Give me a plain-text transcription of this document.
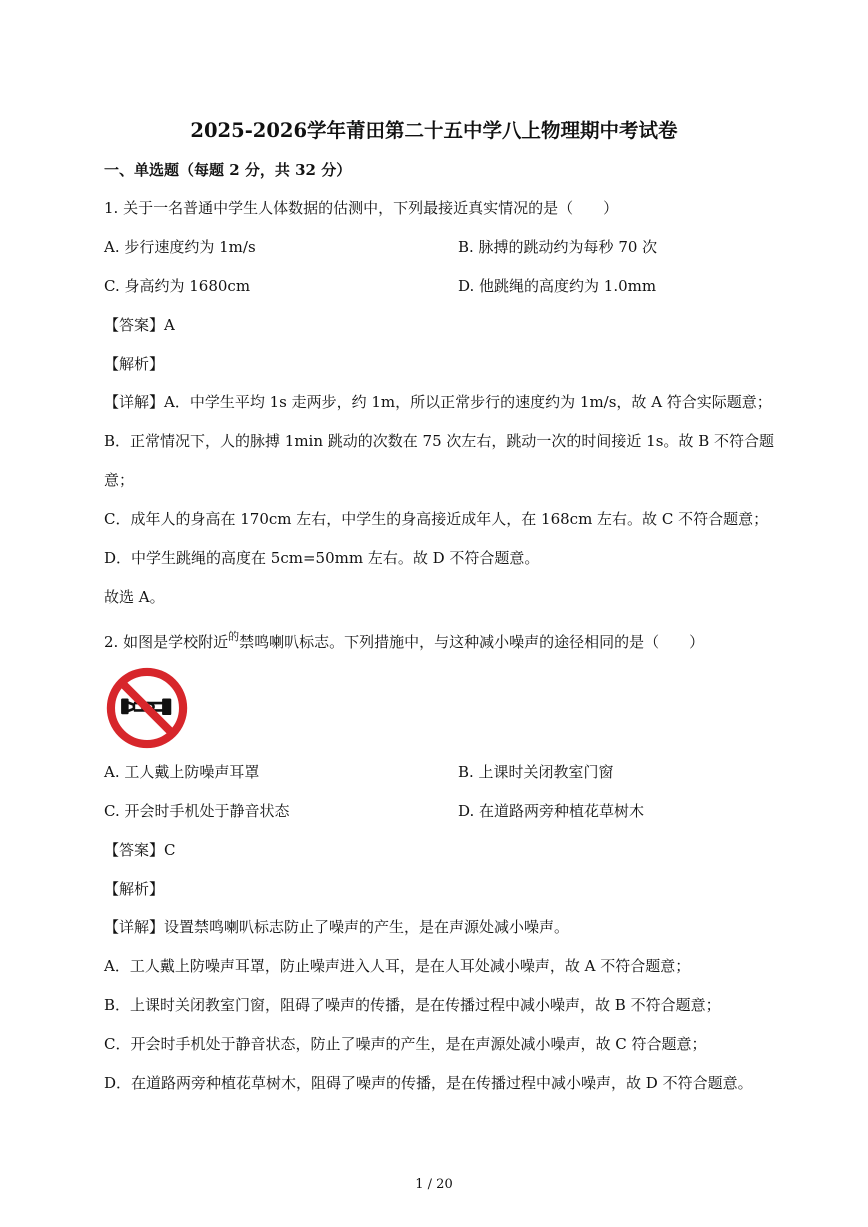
2025-2026学年莆田第二十五中学八上物理期中考试卷
一、单选题（每题 2 分，共 32 分）
1. 关于一名普通中学生人体数据的估测中，下列最接近真实情况的是（　　）
A. 步行速度约为 1m/s	B. 脉搏的跳动约为每秒 70 次
C. 身高约为 1680cm	D. 他跳绳的高度约为 1.0mm
【答案】A
【解析】
【详解】A．中学生平均 1s 走两步，约 1m，所以正常步行的速度约为 1m/s，故 A 符合实际题意；
B．正常情况下，人的脉搏 1min 跳动的次数在 75 次左右，跳动一次的时间接近 1s。故 B 不符合题
意；
C．成年人的身高在 170cm 左右，中学生的身高接近成年人，在 168cm 左右。故 C 不符合题意；
D．中学生跳绳的高度在 5cm=50mm 左右。故 D 不符合题意。
故选 A。
2. 如图是学校附近$^的$禁鸣喇叭标志。下列措施中，与这种减小噪声的途径相同的是（　　）
A. 工人戴上防噪声耳罩	B. 上课时关闭教室门窗
C. 开会时手机处于静音状态	D. 在道路两旁种植花草树木
【答案】C
【解析】
【详解】设置禁鸣喇叭标志防止了噪声的产生，是在声源处减小噪声。
A．工人戴上防噪声耳罩，防止噪声进入人耳，是在人耳处减小噪声，故 A 不符合题意；
B．上课时关闭教室门窗，阻碍了噪声的传播，是在传播过程中减小噪声，故 B 不符合题意；
C．开会时手机处于静音状态，防止了噪声的产生，是在声源处减小噪声，故 C 符合题意；
D．在道路两旁种植花草树木，阻碍了噪声的传播，是在传播过程中减小噪声，故 D 不符合题意。
1 / 20
